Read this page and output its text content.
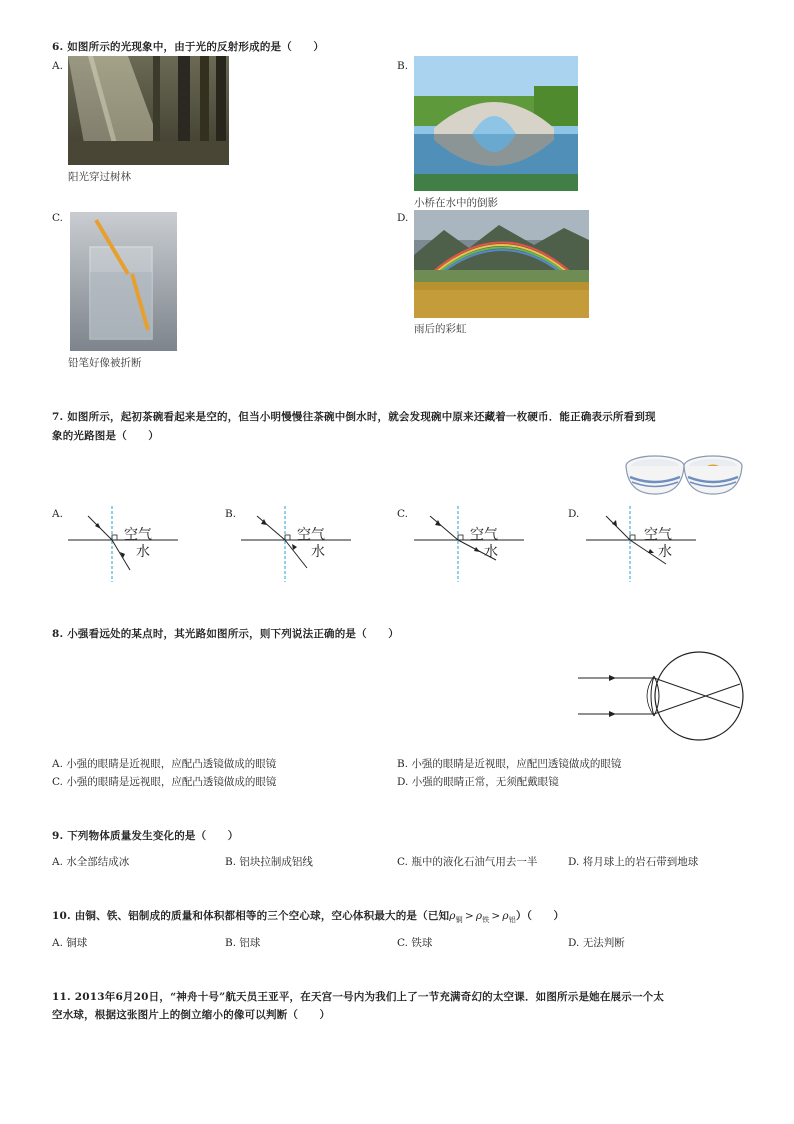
6. 如图所示的光现象中，由于光的反射形成的是（　　）
A.
阳光穿过树林
B.
小桥在水中的倒影
C.
铅笔好像被折断
D.
雨后的彩虹
7. 如图所示，起初茶碗看起来是空的，但当小明慢慢往茶碗中倒水时，就会发现碗中原来还藏着一枚硬币．能正确表示所看到现
象的光路图是（　　）
A.
空气
水
B.
空气
水
C.
空气
水
D.
空气
水
8. 小强看远处的某点时，其光路如图所示，则下列说法正确的是（　　）
A. 小强的眼睛是近视眼，应配凸透镜做成的眼镜	B. 小强的眼睛是近视眼，应配凹透镜做成的眼镜
C. 小强的眼睛是远视眼，应配凸透镜做成的眼镜	D. 小强的眼睛正常，无须配戴眼镜
9. 下列物体质量发生变化的是（　　）
A. 水全部结成冰	B. 铝块拉制成铝线	C. 瓶中的液化石油气用去一半	D. 将月球上的岩石带到地球
10. 由铜、铁、铝制成的质量和体积都相等的三个空心球，空心体积最大的是（已知$\rho_铜 > \rho_铁 > \rho_铝$）（　　）
A. 铜球	B. 铝球	C. 铁球	D. 无法判断
11. 2013年6月20日，“神舟十号”航天员王亚平，在天宫一号内为我们上了一节充满奇幻的太空课．如图所示是她在展示一个太
空水球，根据这张图片上的倒立缩小的像可以判断（　　）
